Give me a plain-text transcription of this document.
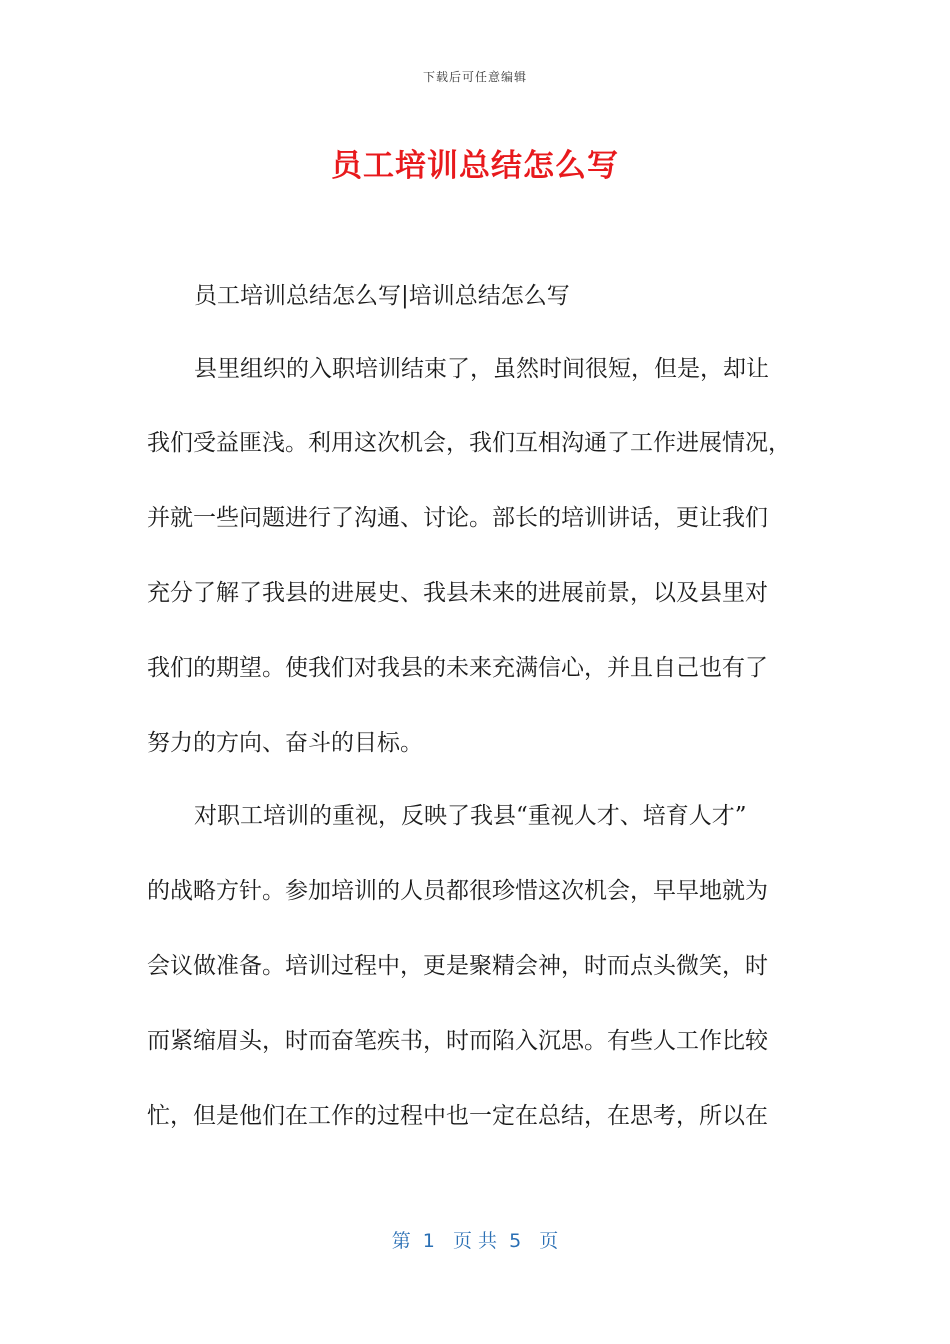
下载后可任意编辑
员工培训总结怎么写
员工培训总结怎么写|培训总结怎么写
县里组织的入职培训结束了，虽然时间很短，但是，却让
我们受益匪浅。利用这次机会，我们互相沟通了工作进展情况，
并就一些问题进行了沟通、讨论。部长的培训讲话，更让我们
充分了解了我县的进展史、我县未来的进展前景，以及县里对
我们的期望。使我们对我县的未来充满信心，并且自己也有了
努力的方向、奋斗的目标。
对职工培训的重视，反映了我县“重视人才、培育人才”
的战略方针。参加培训的人员都很珍惜这次机会，早早地就为
会议做准备。培训过程中，更是聚精会神，时而点头微笑，时
而紧缩眉头，时而奋笔疾书，时而陷入沉思。有些人工作比较
忙，但是他们在工作的过程中也一定在总结，在思考，所以在
第  1   页 共  5   页
